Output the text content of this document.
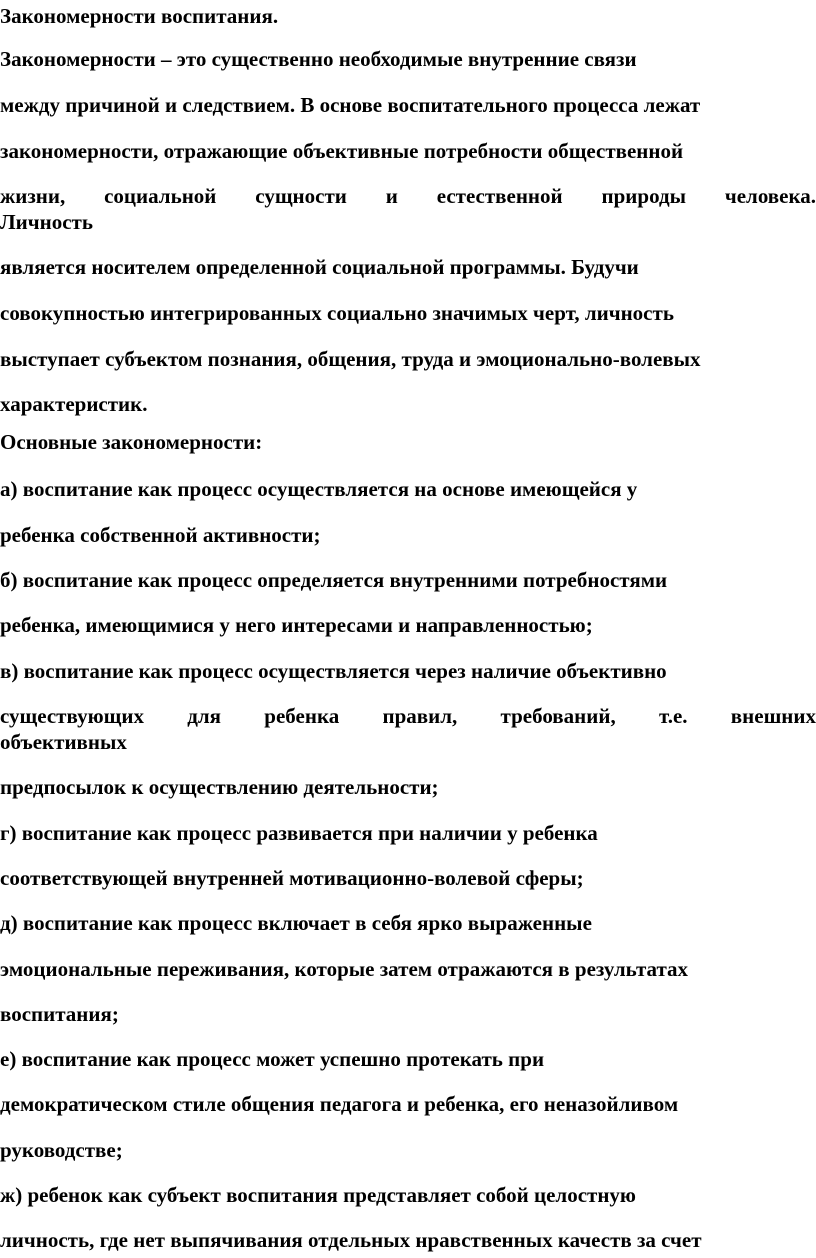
Закономерности воспитания.

Закономерности – это существенно необходимые внутренние связи

между причиной и следствием. В основе воспитательного процесса лежат

закономерности, отражающие объективные потребности общественной

жизни, социальной сущности и естественной природы человека.

Личность

является носителем определенной социальной программы. Будучи

совокупностью интегрированных социально значимых черт, личность

выступает субъектом познания, общения, труда и эмоционально-волевых

характеристик.

Основные закономерности:

а) воспитание как процесс осуществляется на основе имеющейся у

ребенка собственной активности;

б) воспитание как процесс определяется внутренними потребностями

ребенка, имеющимися у него интересами и направленностью;

в) воспитание как процесс осуществляется через наличие объективно

существующих для ребенка правил, требований, т.е. внешних

объективных

предпосылок к осуществлению деятельности;

г) воспитание как процесс развивается при наличии у ребенка

соответствующей внутренней мотивационно-волевой сферы;

д) воспитание как процесс включает в себя ярко выраженные

эмоциональные переживания, которые затем отражаются в результатах

воспитания;

е) воспитание как процесс может успешно протекать при

демократическом стиле общения педагога и ребенка, его неназойливом

руководстве;

ж) ребенок как субъект воспитания представляет собой целостную

личность, где нет выпячивания отдельных нравственных качеств за счет
